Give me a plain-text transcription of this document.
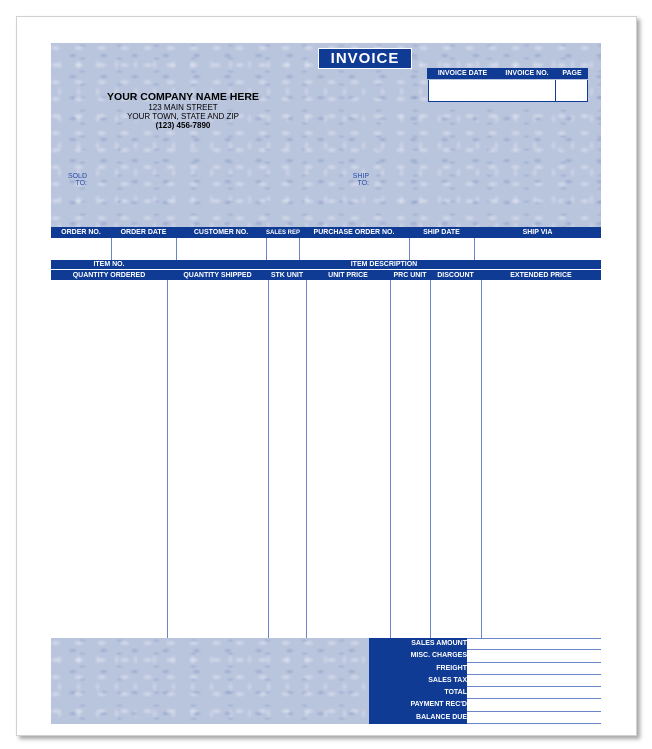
INVOICE
INVOICE DATE	INVOICE NO.	PAGE
YOUR COMPANY NAME HERE
123 MAIN STREET
YOUR TOWN, STATE AND ZIP
(123) 456-7890
SOLD
TO:
SHIP
TO:
ORDER NO.	ORDER DATE	CUSTOMER NO.	SALES REP	PURCHASE ORDER NO.	SHIP DATE	SHIP VIA
ITEM NO.	ITEM DESCRIPTION
QUANTITY ORDERED	QUANTITY SHIPPED	STK UNIT	UNIT PRICE	PRC UNIT	DISCOUNT	EXTENDED PRICE
SALES AMOUNT
MISC. CHARGES
FREIGHT
SALES TAX
TOTAL
PAYMENT REC'D
BALANCE DUE
